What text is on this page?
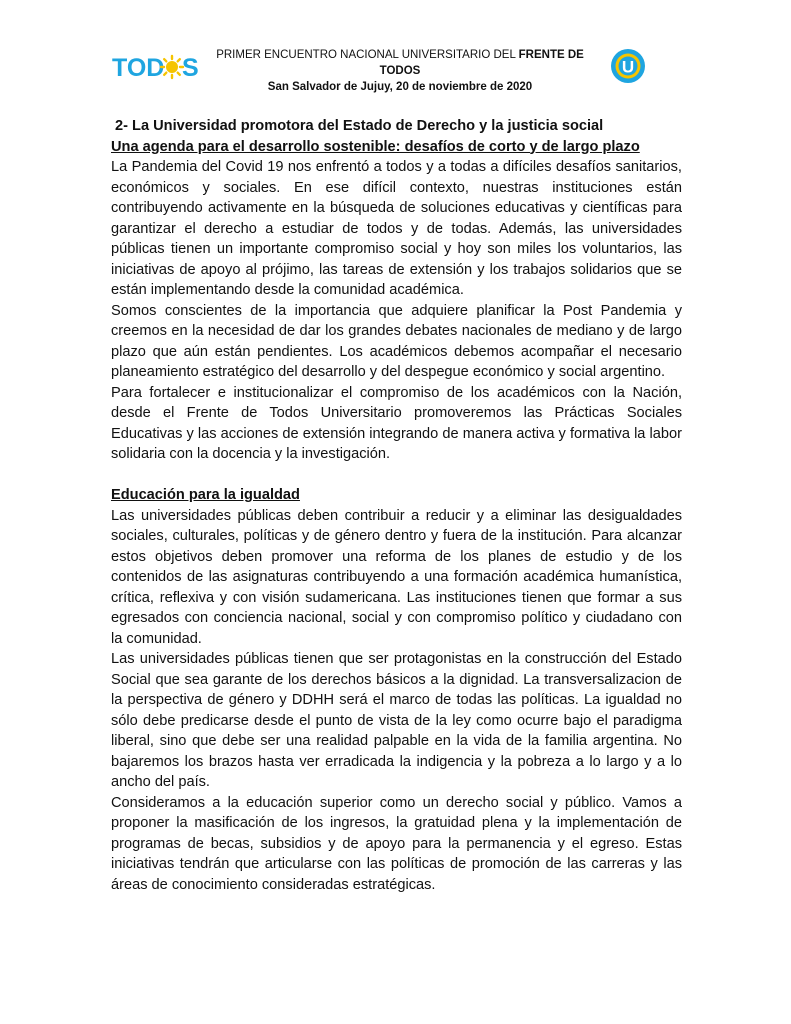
TOD S	PRIMER ENCUENTRO NACIONAL UNIVERSITARIO DEL FRENTE DE TODOS
San Salvador de Jujuy, 20 de noviembre de 2020
U
2- La Universidad promotora del Estado de Derecho y la justicia social
Una agenda para el desarrollo sostenible: desafíos de corto y de largo plazo

La Pandemia del Covid 19 nos enfrentó a todos y a todas a difíciles desafíos sanitarios, económicos y sociales. En ese difícil contexto, nuestras instituciones están contribuyendo activamente en la búsqueda de soluciones educativas y científicas para garantizar el derecho a estudiar de todos y de todas. Además, las universidades públicas tienen un importante compromiso social y hoy son miles los voluntarios, las iniciativas de apoyo al prójimo, las tareas de extensión y los trabajos solidarios que se están implementando desde la comunidad académica.

Somos conscientes de la importancia que adquiere planificar la Post Pandemia y creemos en la necesidad de dar los grandes debates nacionales de mediano y de largo plazo que aún están pendientes. Los académicos debemos acompañar el necesario planeamiento estratégico del desarrollo y del despegue económico y social argentino.

Para fortalecer e institucionalizar el compromiso de los académicos con la Nación, desde el Frente de Todos Universitario promoveremos las Prácticas Sociales Educativas y las acciones de extensión integrando de manera activa y formativa la labor solidaria con la docencia y la investigación.

Educación para la igualdad

Las universidades públicas deben contribuir a reducir y a eliminar las desigualdades sociales, culturales, políticas y de género dentro y fuera de la institución. Para alcanzar estos objetivos deben promover una reforma de los planes de estudio y de los contenidos de las asignaturas contribuyendo a una formación académica humanística, crítica, reflexiva y con visión sudamericana. Las instituciones tienen que formar a sus egresados con conciencia nacional, social y con compromiso político y ciudadano con la comunidad.

Las universidades públicas tienen que ser protagonistas en la construcción del Estado Social que sea garante de los derechos básicos a la dignidad. La transversalizacion de la perspectiva de género y DDHH será el marco de todas las políticas. La igualdad no sólo debe predicarse desde el punto de vista de la ley como ocurre bajo el paradigma liberal, sino que debe ser una realidad palpable en la vida de la familia argentina. No bajaremos los brazos hasta ver erradicada la indigencia y la pobreza a lo largo y a lo ancho del país.

Consideramos a la educación superior como un derecho social y público. Vamos a proponer la masificación de los ingresos, la gratuidad plena y la implementación de programas de becas, subsidios y de apoyo para la permanencia y el egreso. Estas iniciativas tendrán que articularse con las políticas de promoción de las carreras y las áreas de conocimiento consideradas estratégicas.
